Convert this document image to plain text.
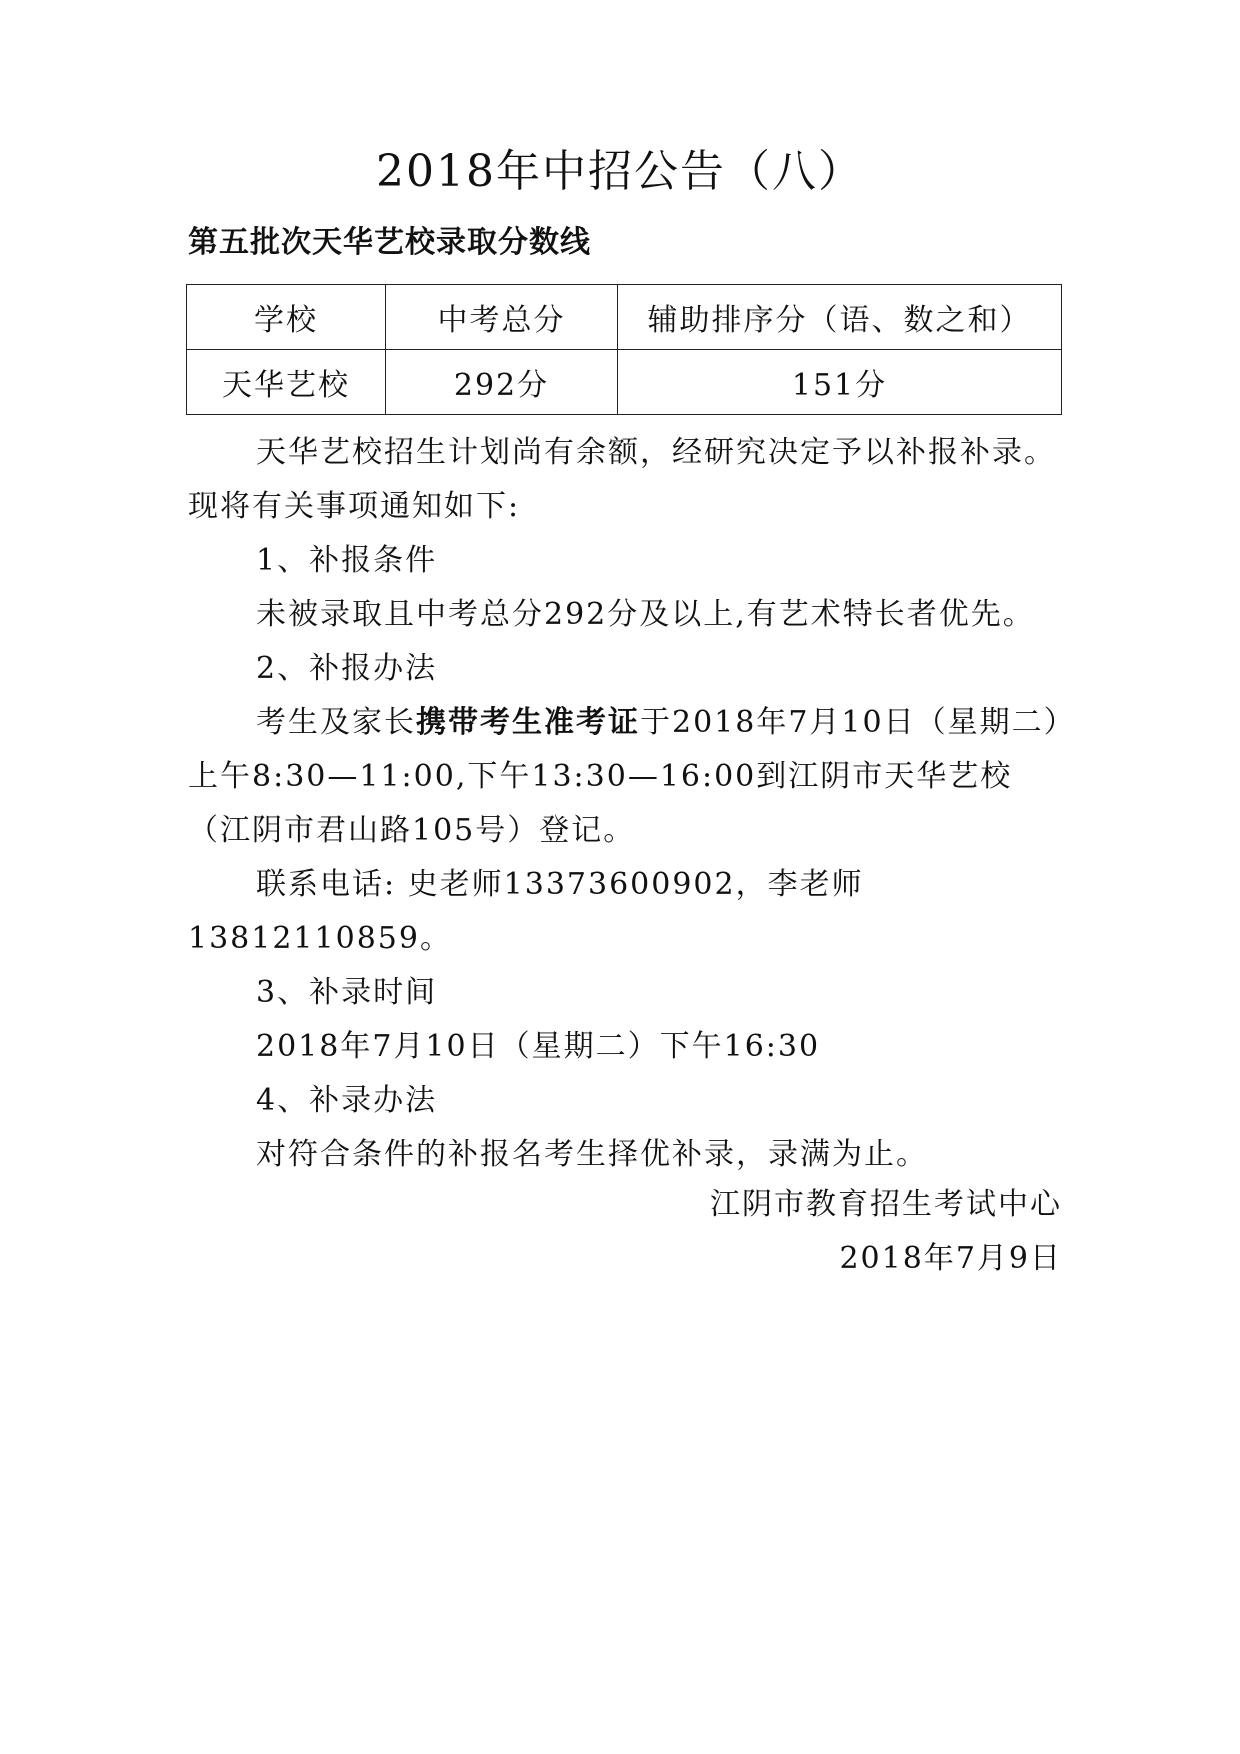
2018年中招公告（八）
第五批次天华艺校录取分数线
学校	中考总分	辅助排序分（语、数之和）
天华艺校	292分	151分

天华艺校招生计划尚有余额，经研究决定予以补报补录。现将有关事项通知如下:

1、补报条件

未被录取且中考总分292分及以上,有艺术特长者优先。

2、补报办法

考生及家长携带考生准考证于2018年7月10日（星期二）上午8:30—11:00,下午13:30—16:00到江阴市天华艺校（江阴市君山路105号）登记。

联系电话: 史老师13373600902，李老师13812110859。

3、补录时间

2018年7月10日（星期二）下午16:30

4、补录办法

对符合条件的补报名考生择优补录，录满为止。

江阴市教育招生考试中心
2018年7月9日
